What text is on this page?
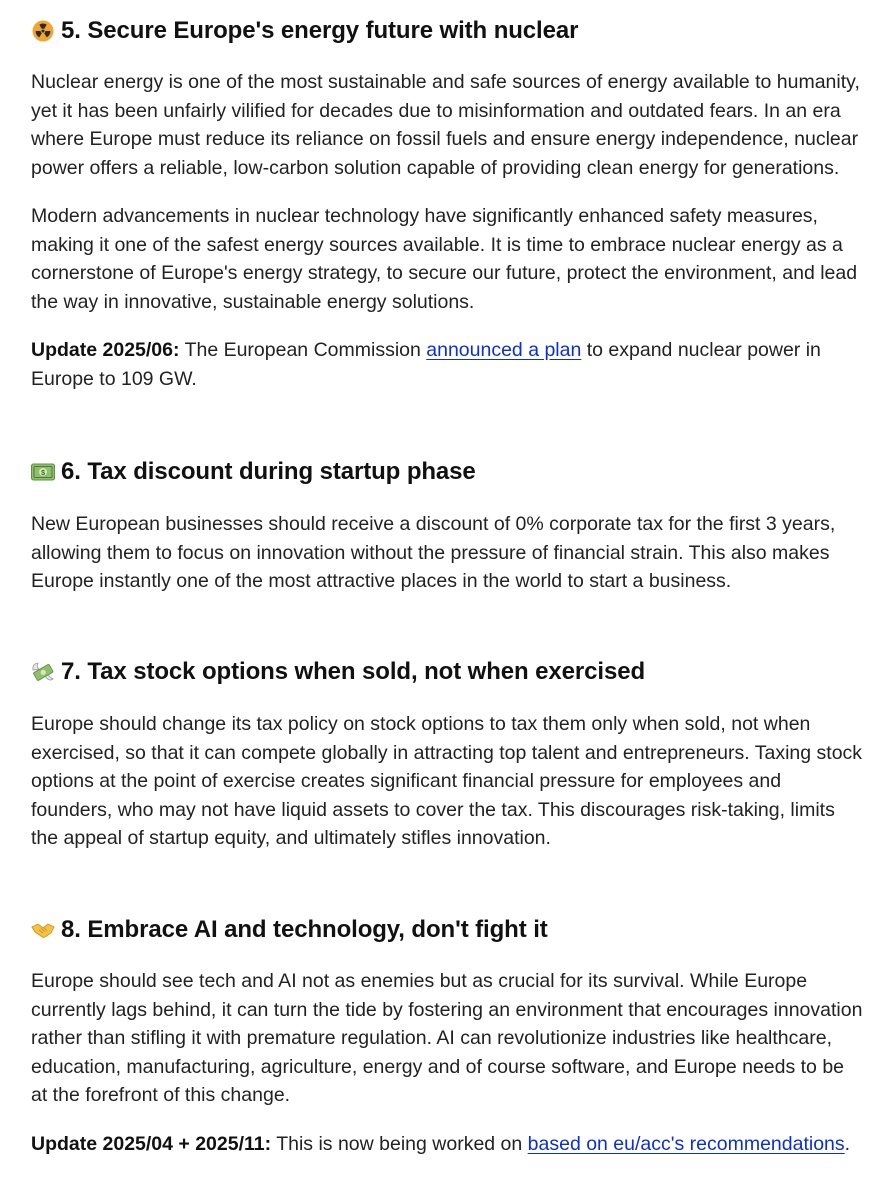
5. Secure Europe's energy future with nuclear

Nuclear energy is one of the most sustainable and safe sources of energy available to humanity, yet it has been unfairly vilified for decades due to misinformation and outdated fears. In an era where Europe must reduce its reliance on fossil fuels and ensure energy independence, nuclear power offers a reliable, low-carbon solution capable of providing clean energy for generations.

Modern advancements in nuclear technology have significantly enhanced safety measures, making it one of the safest energy sources available. It is time to embrace nuclear energy as a cornerstone of Europe's energy strategy, to secure our future, protect the environment, and lead the way in innovative, sustainable energy solutions.

Update 2025/06: The European Commission announced a plan to expand nuclear power in Europe to 109 GW.

$ 6. Tax discount during startup phase

New European businesses should receive a discount of 0% corporate tax for the first 3 years, allowing them to focus on innovation without the pressure of financial strain. This also makes Europe instantly one of the most attractive places in the world to start a business.

7. Tax stock options when sold, not when exercised

Europe should change its tax policy on stock options to tax them only when sold, not when exercised, so that it can compete globally in attracting top talent and entrepreneurs. Taxing stock options at the point of exercise creates significant financial pressure for employees and founders, who may not have liquid assets to cover the tax. This discourages risk-taking, limits the appeal of startup equity, and ultimately stifles innovation.

8. Embrace AI and technology, don't fight it

Europe should see tech and AI not as enemies but as crucial for its survival. While Europe currently lags behind, it can turn the tide by fostering an environment that encourages innovation rather than stifling it with premature regulation. AI can revolutionize industries like healthcare, education, manufacturing, agriculture, energy and of course software, and Europe needs to be at the forefront of this change.

Update 2025/04 + 2025/11: This is now being worked on based on eu/acc's recommendations.
